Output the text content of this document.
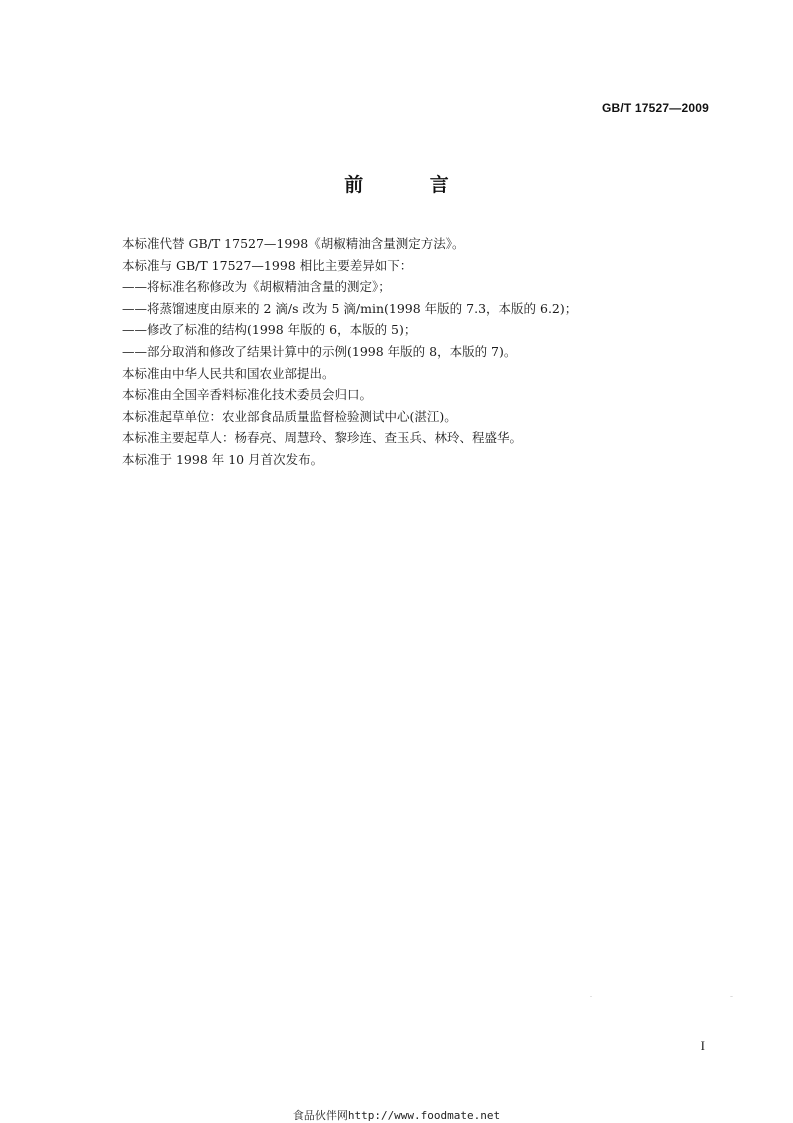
GB/T 17527—2009
前 言
本标准代替 GB/T 17527—1998《胡椒精油含量测定方法》。
本标准与 GB/T 17527—1998 相比主要差异如下：
——将标准名称修改为《胡椒精油含量的测定》；
——将蒸馏速度由原来的 2 滴/s 改为 5 滴/min(1998 年版的 7.3，本版的 6.2)；
——修改了标准的结构(1998 年版的 6，本版的 5)；
——部分取消和修改了结果计算中的示例(1998 年版的 8，本版的 7)。
本标准由中华人民共和国农业部提出。
本标准由全国辛香料标准化技术委员会归口。
本标准起草单位：农业部食品质量监督检验测试中心(湛江)。
本标准主要起草人：杨春亮、周慧玲、黎珍连、查玉兵、林玲、程盛华。
本标准于 1998 年 10 月首次发布。
I
食品伙伴网http://www.foodmate.net
